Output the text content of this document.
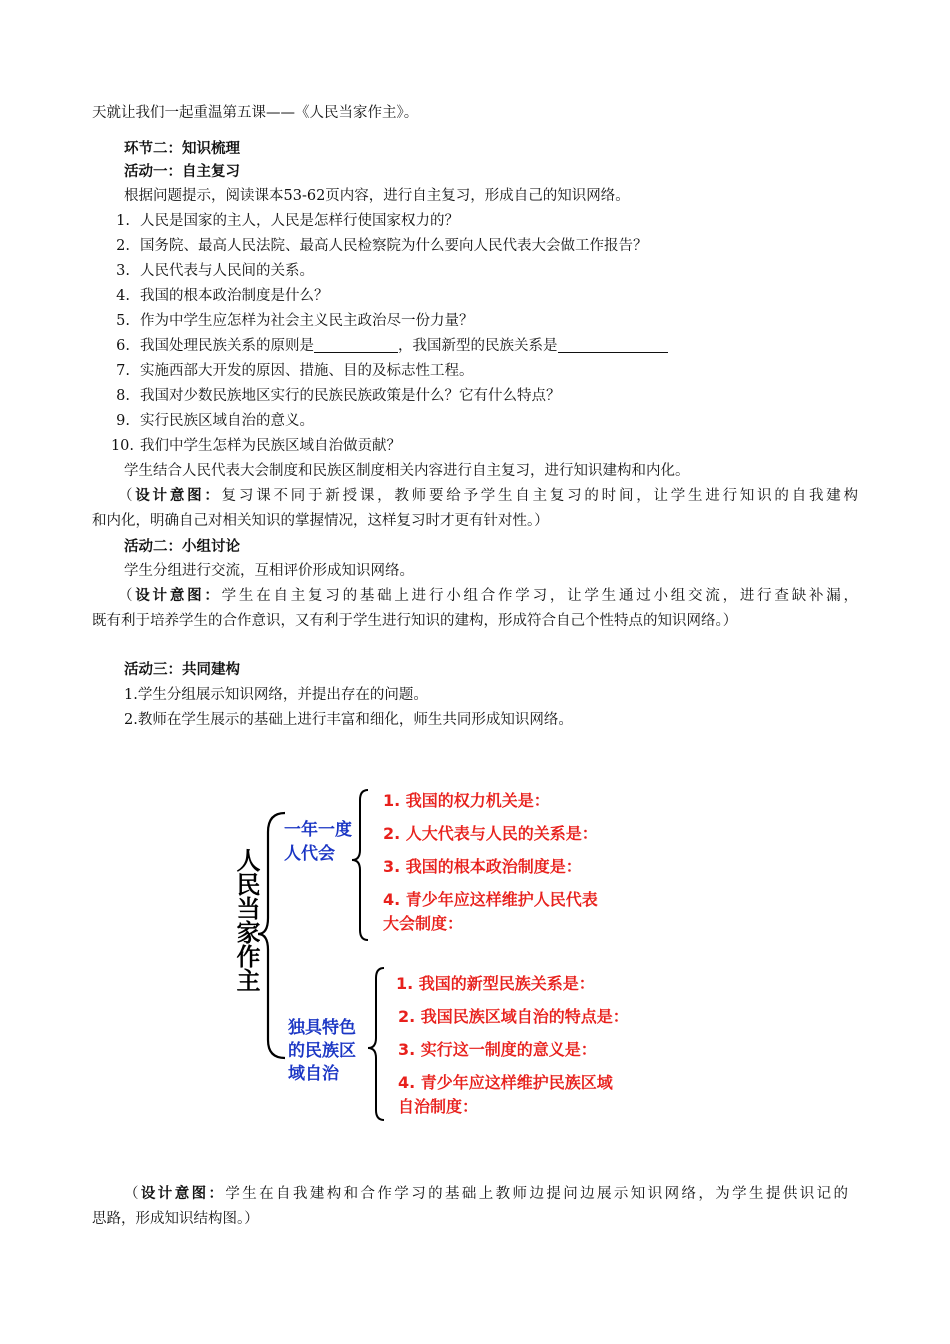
天就让我们一起重温第五课——《人民当家作主》。
环节二：知识梳理
活动一：自主复习
根据问题提示，阅读课本53-62页内容，进行自主复习，形成自己的知识网络。
1. 人民是国家的主人，人民是怎样行使国家权力的？
2. 国务院、最高人民法院、最高人民检察院为什么要向人民代表大会做工作报告？
3. 人民代表与人民间的关系。
4. 我国的根本政治制度是什么？
5. 作为中学生应怎样为社会主义民主政治尽一份力量？
6. 我国处理民族关系的原则是	，我国新型的民族关系是
7. 实施西部大开发的原因、措施、目的及标志性工程。
8. 我国对少数民族地区实行的民族民族政策是什么？它有什么特点？
9. 实行民族区域自治的意义。
10. 我们中学生怎样为民族区域自治做贡献？
学生结合人民代表大会制度和民族区制度相关内容进行自主复习，进行知识建构和内化。
（设计意图：复习课不同于新授课，教师要给予学生自主复习的时间，让学生进行知识的自我建构
和内化，明确自己对相关知识的掌握情况，这样复习时才更有针对性。）
活动二：小组讨论
学生分组进行交流，互相评价形成知识网络。
（设计意图：学生在自主复习的基础上进行小组合作学习，让学生通过小组交流，进行查缺补漏，
既有利于培养学生的合作意识，又有利于学生进行知识的建构，形成符合自己个性特点的知识网络。）
活动三：共同建构
1.学生分组展示知识网络，并提出存在的问题。
2.教师在学生展示的基础上进行丰富和细化，师生共同形成知识网络。
人民当家作主
一年一度
人代会
1. 我国的权力机关是：
2. 人大代表与人民的关系是：
3. 我国的根本政治制度是：
4. 青少年应这样维护人民代表
大会制度：
独具特色
的民族区
域自治
1. 我国的新型民族关系是：
2. 我国民族区域自治的特点是：
3. 实行这一制度的意义是：
4. 青少年应这样维护民族区域
自治制度：
（设计意图：学生在自我建构和合作学习的基础上教师边提问边展示知识网络，为学生提供识记的
思路，形成知识结构图。）
